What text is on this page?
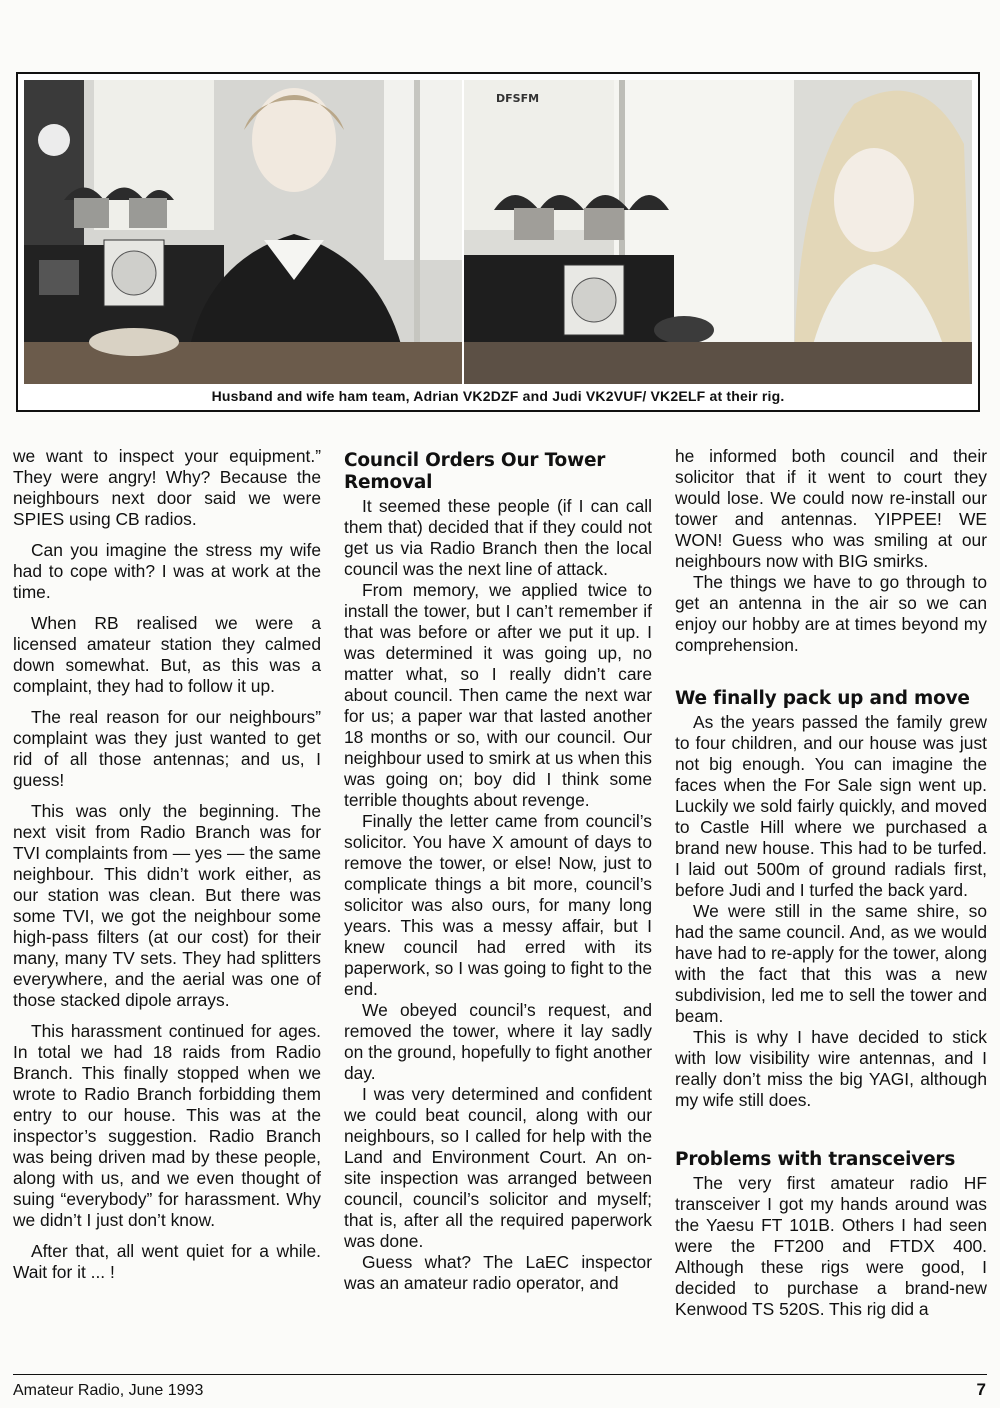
DFSFM
Husband and wife ham team, Adrian VK2DZF and Judi VK2VUF/ VK2ELF at their rig.

we want to inspect your equipment.” They were angry! Why? Because the neighbours next door said we were SPIES using CB radios.

Can you imagine the stress my wife had to cope with? I was at work at the time.

When RB realised we were a licensed amateur station they calmed down somewhat. But, as this was a complaint, they had to follow it up.

The real reason for our neighbours” complaint was they just wanted to get rid of all those antennas; and us, I guess!

This was only the beginning. The next visit from Radio Branch was for TVI complaints from — yes — the same neighbour. This didn’t work either, as our station was clean. But there was some TVI, we got the neighbour some high-pass filters (at our cost) for their many, many TV sets. They had splitters everywhere, and the aerial was one of those stacked dipole arrays.

This harassment continued for ages. In total we had 18 raids from Radio Branch. This finally stopped when we wrote to Radio Branch forbidding them entry to our house. This was at the inspector’s suggestion. Radio Branch was being driven mad by these people, along with us, and we even thought of suing “everybody” for harassment. Why we didn’t I just don’t know.

After that, all went quiet for a while. Wait for it ... !

Council Orders Our Tower Removal

It seemed these people (if I can call them that) decided that if they could not get us via Radio Branch then the local council was the next line of attack.

From memory, we applied twice to install the tower, but I can’t remember if that was before or after we put it up. I was determined it was going up, no matter what, so I really didn’t care about council. Then came the next war for us; a paper war that lasted another 18 months or so, with our council. Our neighbour used to smirk at us when this was going on; boy did I think some terrible thoughts about revenge.

Finally the letter came from council’s solicitor. You have X amount of days to remove the tower, or else! Now, just to complicate things a bit more, council’s solicitor was also ours, for many long years. This was a messy affair, but I knew council had erred with its paperwork, so I was going to fight to the end.

We obeyed council’s request, and removed the tower, where it lay sadly on the ground, hopefully to fight another day.

I was very determined and confident we could beat council, along with our neighbours, so I called for help with the Land and Environment Court. An on-site inspection was arranged between council, council’s solicitor and myself; that is, after all the required paperwork was done.

Guess what? The LaEC inspector was an amateur radio operator, and

he informed both council and their solicitor that if it went to court they would lose. We could now re-install our tower and antennas. YIPPEE! WE WON! Guess who was smiling at our neighbours now with BIG smirks.

The things we have to go through to get an antenna in the air so we can enjoy our hobby are at times beyond my comprehension.

We finally pack up and move

As the years passed the family grew to four children, and our house was just not big enough. You can imagine the faces when the For Sale sign went up. Luckily we sold fairly quickly, and moved to Castle Hill where we purchased a brand new house. This had to be turfed. I laid out 500m of ground radials first, before Judi and I turfed the back yard.

We were still in the same shire, so had the same council. And, as we would have had to re-apply for the tower, along with the fact that this was a new subdivision, led me to sell the tower and beam.

This is why I have decided to stick with low visibility wire antennas, and I really don’t miss the big YAGI, although my wife still does.

Problems with transceivers

The very first amateur radio HF transceiver I got my hands around was the Yaesu FT 101B. Others I had seen were the FT200 and FTDX 400. Although these rigs were good, I decided to purchase a brand-new Kenwood TS 520S. This rig did a

Amateur Radio, June 1993	7
